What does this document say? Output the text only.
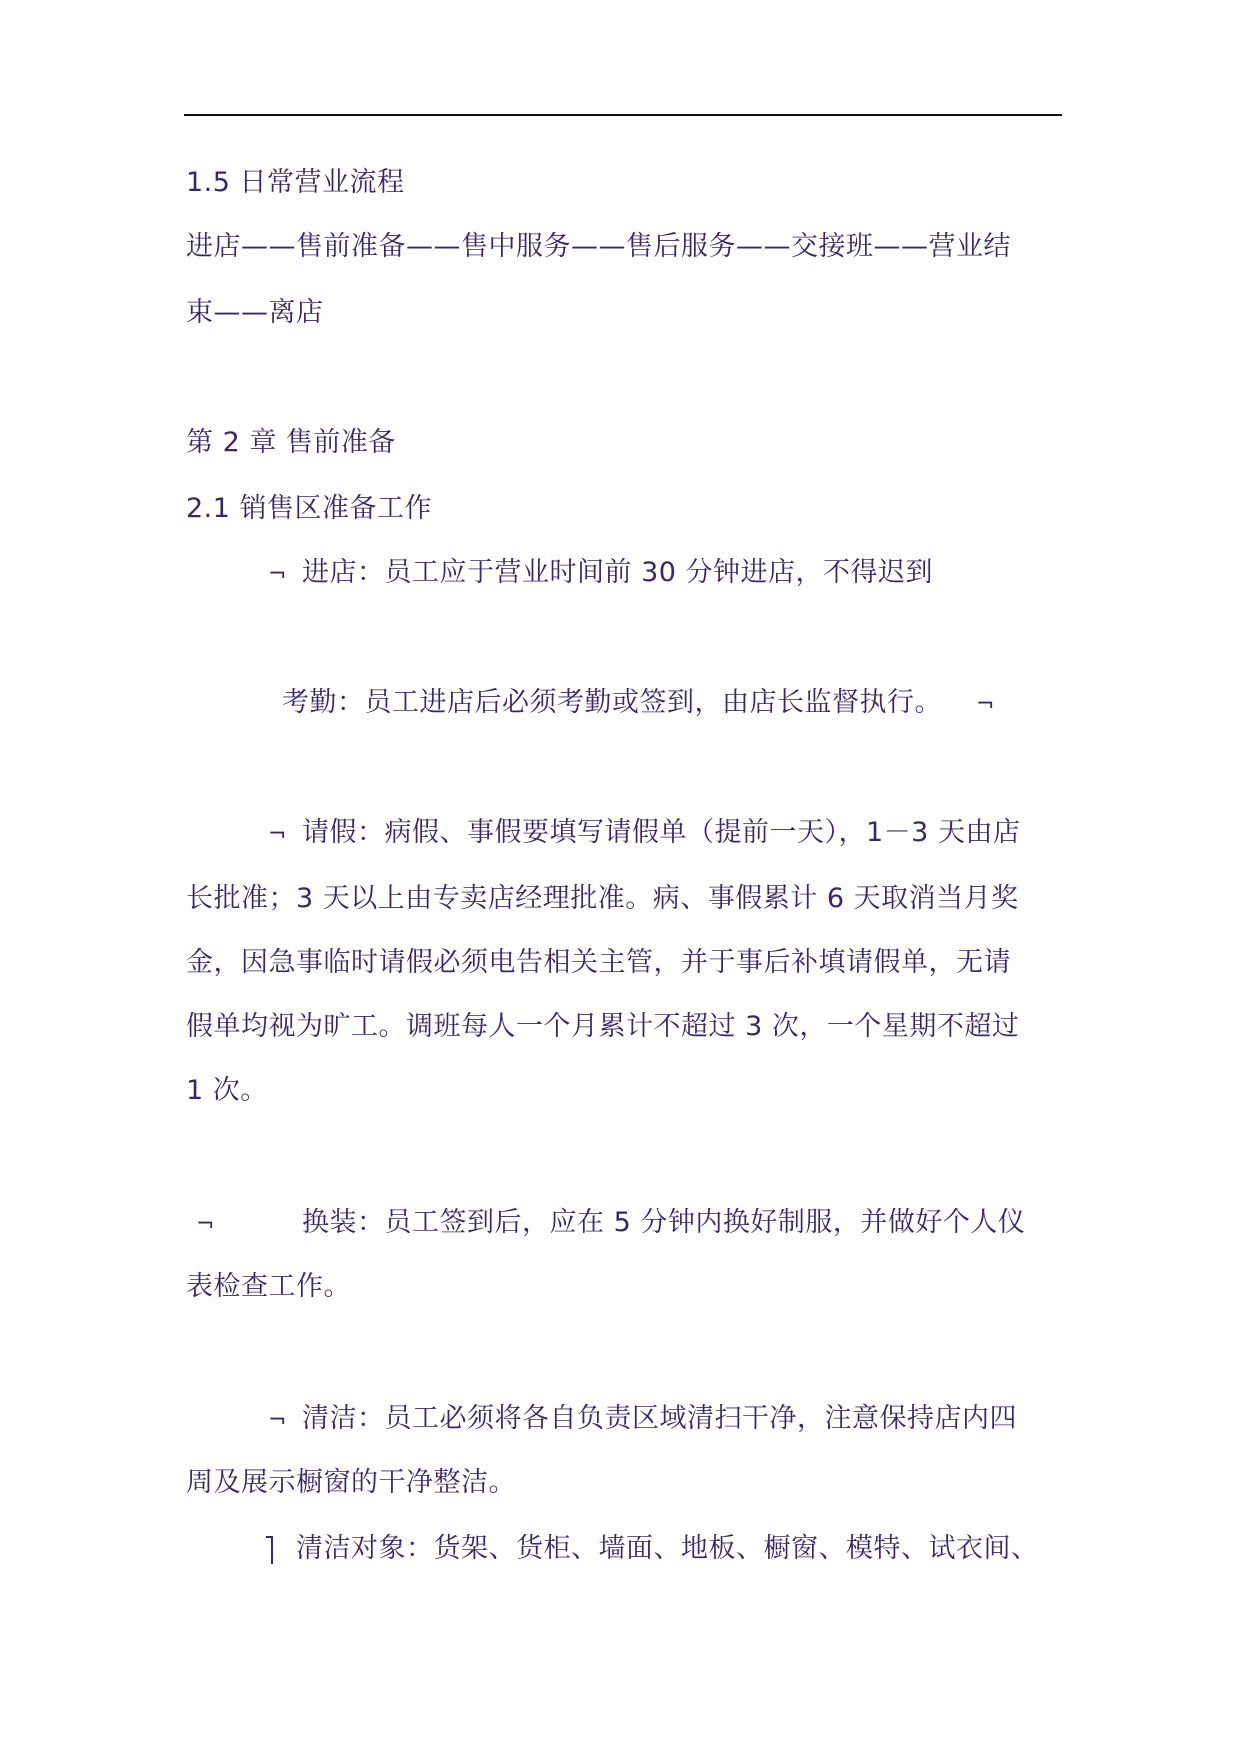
1.5 日常营业流程
进店——售前准备——售中服务——售后服务——交接班——营业结
束——离店
第 2 章 售前准备
2.1 销售区准备工作
¬ 进店：员工应于营业时间前 30 分钟进店，不得迟到
考勤：员工进店后必须考勤或签到，由店长监督执行。 ¬
¬ 请假：病假、事假要填写请假单（提前一天），1－3 天由店
长批准；3 天以上由专卖店经理批准。病、事假累计 6 天取消当月奖
金，因急事临时请假必须电告相关主管，并于事后补填请假单，无请
假单均视为旷工。调班每人一个月累计不超过 3 次，一个星期不超过
1 次。
¬	换装：员工签到后，应在 5 分钟内换好制服，并做好个人仪
表检查工作。
¬ 清洁：员工必须将各自负责区域清扫干净，注意保持店内四
周及展示橱窗的干净整洁。
清洁对象：货架、货柜、墙面、地板、橱窗、模特、试衣间、
